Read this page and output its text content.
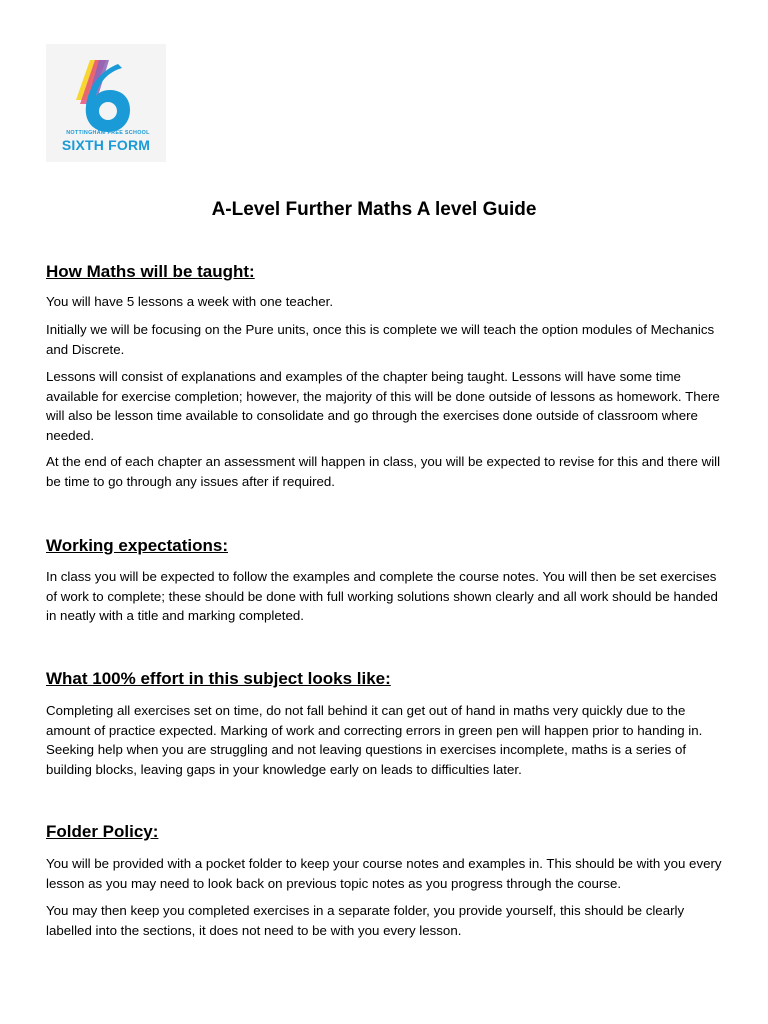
NOTTINGHAM FREE SCHOOL
SIXTH FORM
A-Level Further Maths A level Guide
How Maths will be taught:

You will have 5 lessons a week with one teacher.

Initially we will be focusing on the Pure units, once this is complete we will teach the option modules of Mechanics and Discrete.

Lessons will consist of explanations and examples of the chapter being taught. Lessons will have some time available for exercise completion; however, the majority of this will be done outside of lessons as homework. There will also be lesson time available to consolidate and go through the exercises done outside of classroom where needed.

At the end of each chapter an assessment will happen in class, you will be expected to revise for this and there will be time to go through any issues after if required.

Working expectations:

In class you will be expected to follow the examples and complete the course notes. You will then be set exercises of work to complete; these should be done with full working solutions shown clearly and all work should be handed in neatly with a title and marking completed.

What 100% effort in this subject looks like:

Completing all exercises set on time, do not fall behind it can get out of hand in maths very quickly due to the amount of practice expected. Marking of work and correcting errors in green pen will happen prior to handing in. Seeking help when you are struggling and not leaving questions in exercises incomplete, maths is a series of building blocks, leaving gaps in your knowledge early on leads to difficulties later.

Folder Policy:

You will be provided with a pocket folder to keep your course notes and examples in. This should be with you every lesson as you may need to look back on previous topic notes as you progress through the course.

You may then keep you completed exercises in a separate folder, you provide yourself, this should be clearly labelled into the sections, it does not need to be with you every lesson.
